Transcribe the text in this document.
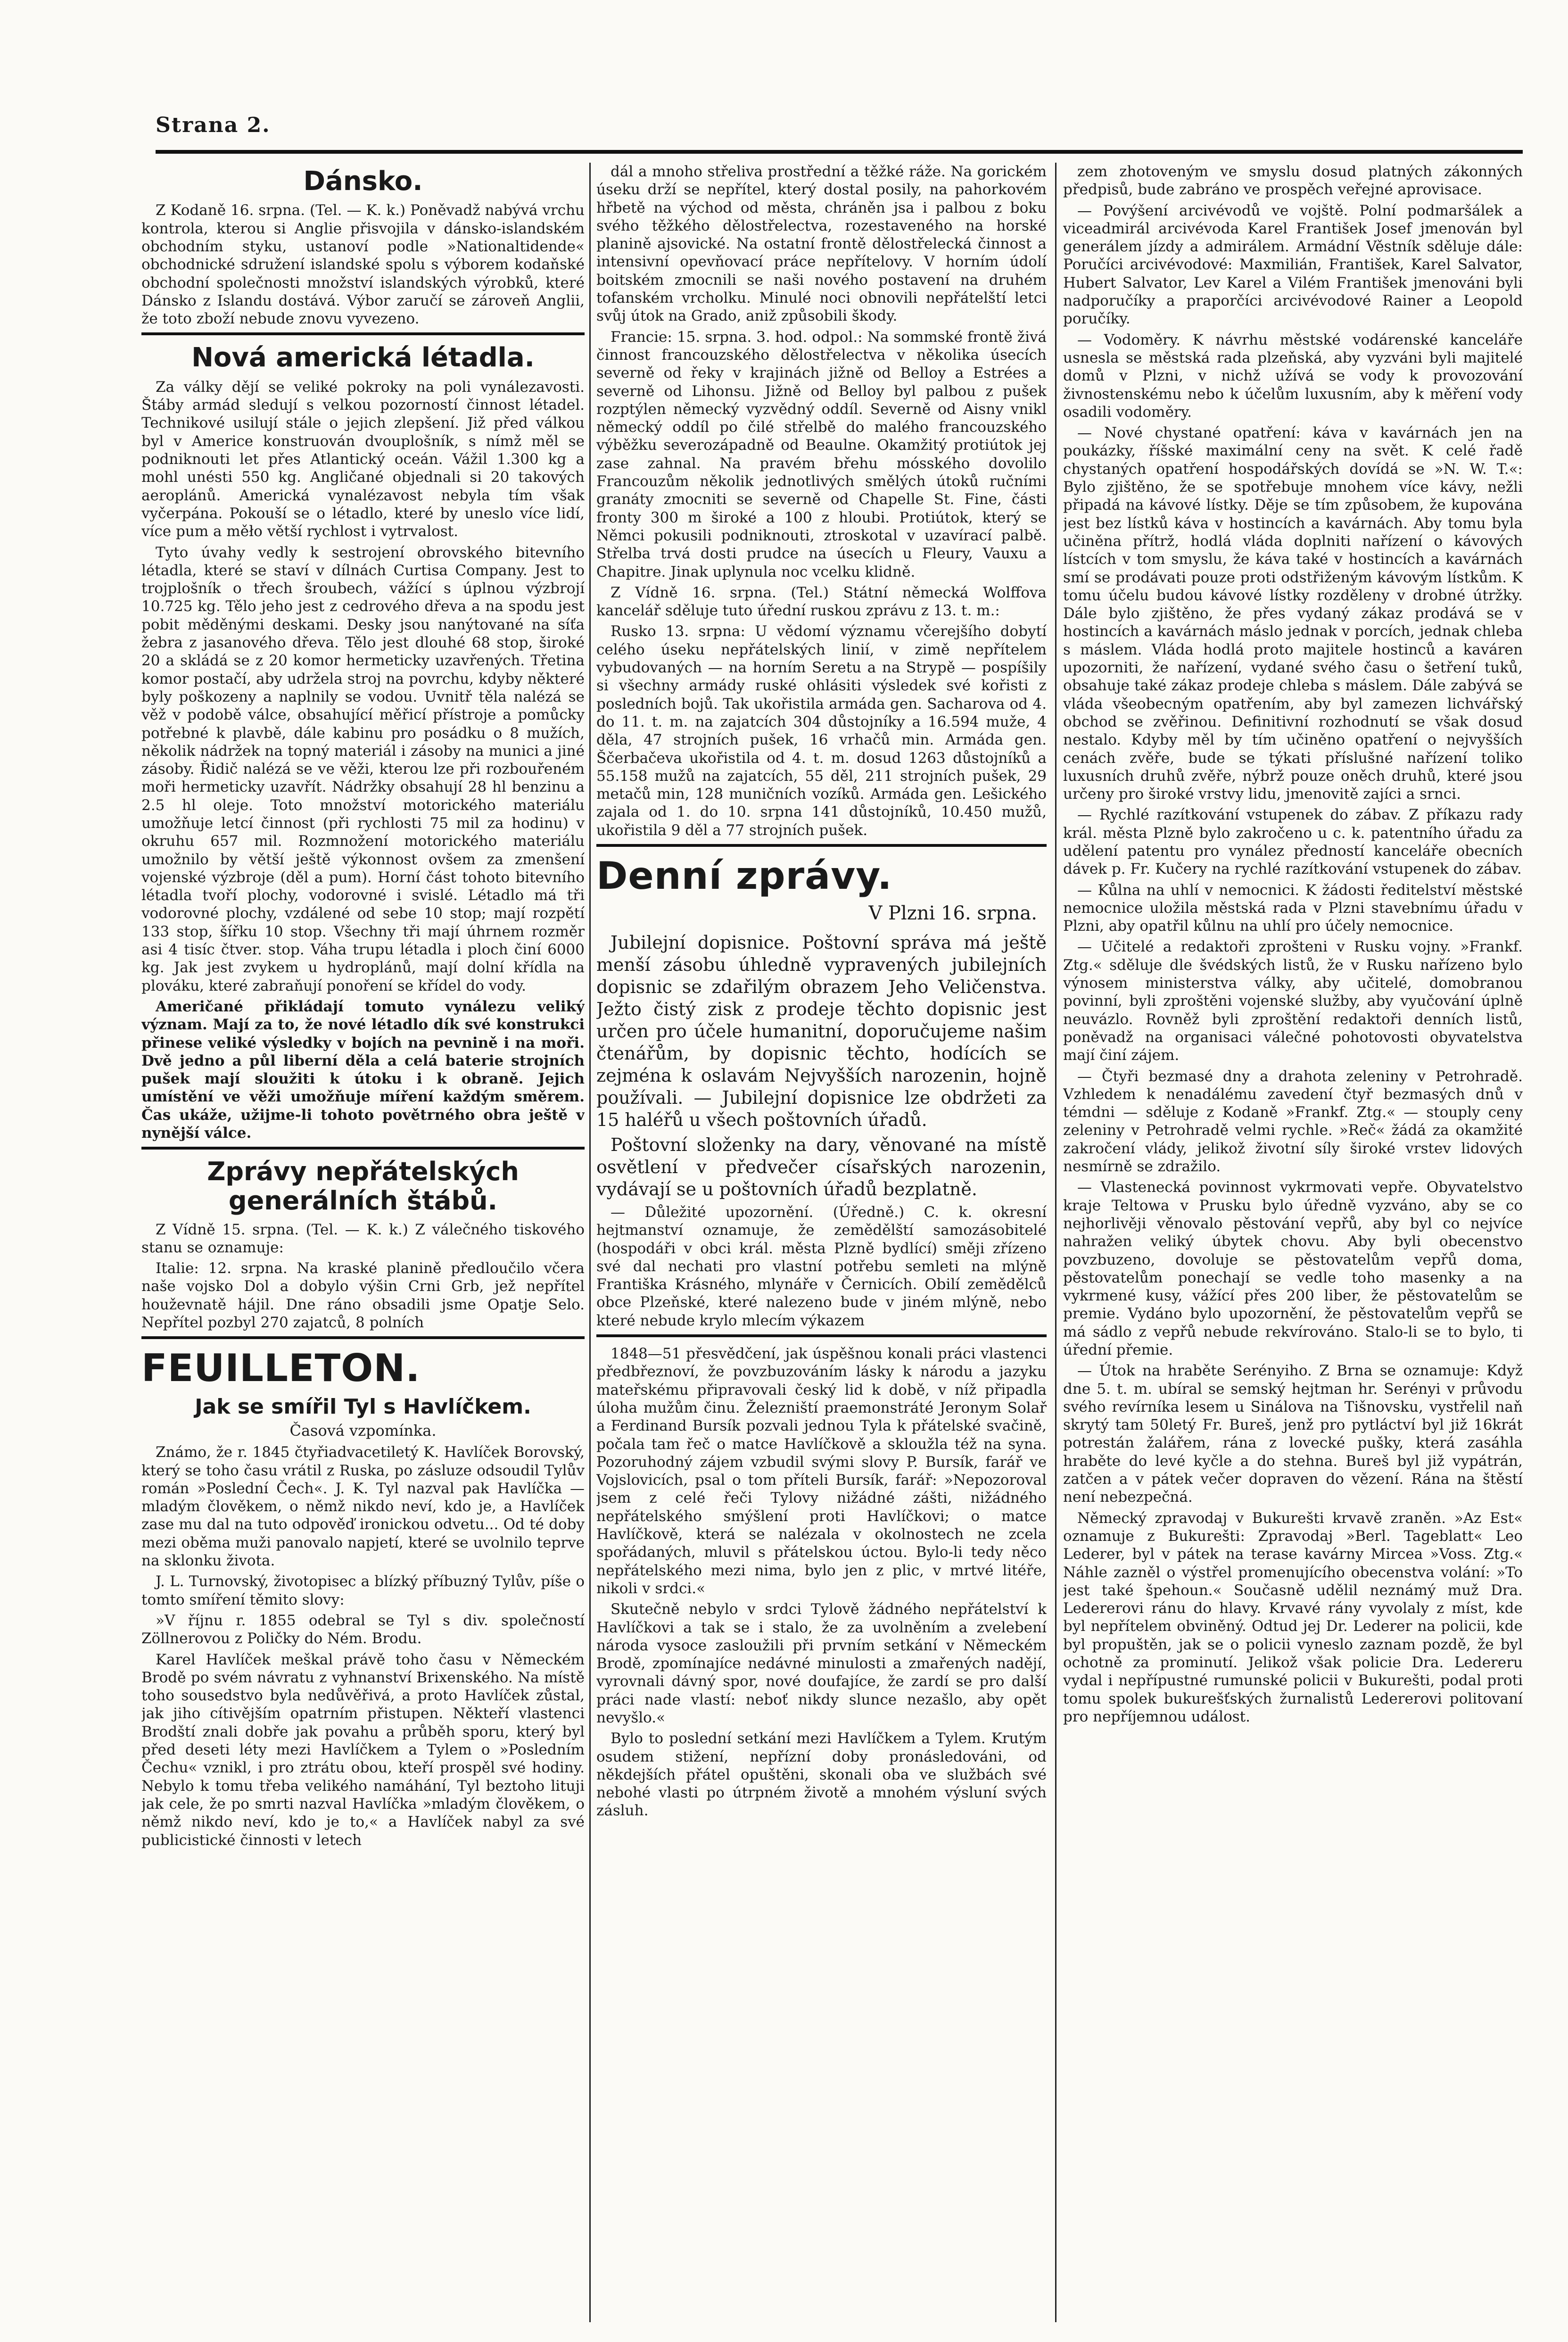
Strana 2.
Dánsko.

Z Kodaně 16. srpna. (Tel. — K. k.) Poněvadž nabývá vrchu kontrola, kterou si Anglie přisvojila v dánsko-islandském obchodním styku, ustanoví podle »Nationaltidende« obchodnické sdružení islandské spolu s výborem kodaňské obchodní společnosti množství islandských výrobků, které Dánsko z Islandu dostává. Výbor zaručí se zároveň Anglii, že toto zboží nebude znovu vyvezeno.

Nová americká létadla.

Za války dějí se veliké pokroky na poli vynálezavosti. Štáby armád sledují s velkou pozorností činnost létadel. Technikové usilují stále o jejich zlepšení. Již před válkou byl v Americe konstruován dvouplošník, s nímž měl se podniknouti let přes Atlantický oceán. Vážil 1.300 kg a mohl unésti 550 kg. Angličané objednali si 20 takových aeroplánů. Americká vynalézavost nebyla tím však vyčerpána. Pokouší se o létadlo, které by uneslo více lidí, více pum a měło větší rychlost i vytrvalost.

Tyto úvahy vedly k sestrojení obrovského bitevního létadla, které se staví v dílnách Curtisa Company. Jest to trojplošník o třech šroubech, vážící s úplnou výzbrojí 10.725 kg. Tělo jeho jest z cedrového dřeva a na spodu jest pobit měděnými deskami. Desky jsou nanýtované na síťa žebra z jasanového dřeva. Tělo jest dlouhé 68 stop, široké 20 a skládá se z 20 komor hermeticky uzavřených. Třetina komor postačí, aby udržela stroj na povrchu, kdyby některé byly poškozeny a naplnily se vodou. Uvnitř těla nalézá se věž v podobě válce, obsahující měřicí přístroje a pomůcky potřebné k plavbě, dále kabinu pro posádku o 8 mužích, několik nádržek na topný materiál i zásoby na munici a jiné zásoby. Řidič nalézá se ve věži, kterou lze při rozbouřeném moři hermeticky uzavřít. Nádržky obsahují 28 hl benzinu a 2.5 hl oleje. Toto množství motorického materiálu umožňuje letcí činnost (při rychlosti 75 mil za hodinu) v okruhu 657 mil. Rozmnožení motorického materiálu umožnilo by větší ještě výkonnost ovšem za zmenšení vojenské výzbroje (děl a pum). Horní část tohoto bitevního létadla tvoří plochy, vodorovné i svislé. Létadlo má tři vodorovné plochy, vzdálené od sebe 10 stop; mají rozpětí 133 stop, šířku 10 stop. Všechny tři mají úhrnem rozměr asi 4 tisíc čtver. stop. Váha trupu létadla i ploch činí 6000 kg. Jak jest zvykem u hydroplánů, mají dolní křídla na plováku, které zabraňují ponoření se křídel do vody.

Američané přikládají tomuto vynálezu veliký význam. Mají za to, že nové létadlo dík své konstrukci přinese veliké výsledky v bojích na pevnině i na moři. Dvě jedno a půl liberní děla a celá baterie strojních pušek mají sloužiti k útoku i k obraně. Jejich umístění ve věži umožňuje míření každým směrem. Čas ukáže, užijme-li tohoto povětrného obra ještě v nynější válce.

Zprávy nepřátelských generálních štábů.

Z Vídně 15. srpna. (Tel. — K. k.) Z válečného tiskového stanu se oznamuje:

Italie: 12. srpna. Na kraské planině předloučilo včera naše vojsko Dol a dobylo výšin Crni Grb, jež nepřítel houževnatě hájil. Dne ráno obsadili jsme Opatje Selo. Nepřítel pozbyl 270 zajatců, 8 polních

FEUILLETON.
Jak se smířil Tyl s Havlíčkem.
Časová vzpomínka.

Známo, že r. 1845 čtyřiadvacetiletý K. Havlíček Borovský, který se toho času vrátil z Ruska, po zásluze odsoudil Tylův román »Poslední Čech«. J. K. Tyl nazval pak Havlíčka — mladým člověkem, o němž nikdo neví, kdo je, a Havlíček zase mu dal na tuto odpověď ironickou odvetu... Od té doby mezi oběma muži panovalo napjetí, které se uvolnilo teprve na sklonku života.

J. L. Turnovský, životopisec a blízký příbuzný Tylův, píše o tomto smíření těmito slovy:

»V říjnu r. 1855 odebral se Tyl s div. společností Zöllnerovou z Poličky do Ném. Brodu.

Karel Havlíček meškal právě toho času v Německém Brodě po svém návratu z vyhnanství Brixenského. Na místě toho sousedstvo byla nedůvěřivá, a proto Havlíček zůstal, jak jiho cítivějším opatrním přistupen. Někteří vlastenci Brodští znali dobře jak povahu a průběh sporu, který byl před deseti léty mezi Havlíčkem a Tylem o »Posledním Čechu« vznikl, i pro ztrátu obou, kteří prospěl své hodiny. Nebylo k tomu třeba velikého namáhání, Tyl beztoho lituji jak cele, že po smrti nazval Havlíčka »mladým člověkem, o němž nikdo neví, kdo je to,« a Havlíček nabyl za své publicistické činnosti v letech

dál a mnoho střeliva prostřední a těžké ráže. Na gorickém úseku drží se nepřítel, který dostal posily, na pahorkovém hřbetě na východ od města, chráněn jsa i palbou z boku svého těžkého dělostřelectva, rozestaveného na horské planině ajsovické. Na ostatní frontě dělostřelecká činnost a intensivní opevňovací práce nepřítelovy. V horním údolí boitském zmocnili se naši nového postavení na druhém tofanském vrcholku. Minulé noci obnovili nepřátelští letci svůj útok na Grado, aniž způsobili škody.

Francie: 15. srpna. 3. hod. odpol.: Na sommské frontě živá činnost francouzského dělostřelectva v několika úsecích severně od řeky v krajinách jižně od Belloy a Estrées a severně od Lihonsu. Jižně od Belloy byl palbou z pušek rozptýlen německý vyzvědný oddíl. Severně od Aisny vnikl německý oddíl po čilé střelbě do malého francouzského výběžku severozápadně od Beaulne. Okamžitý protiútok jej zase zahnal. Na pravém břehu mósského dovolilo Francouzům několik jednotlivých smělých útoků ručními granáty zmocniti se severně od Chapelle St. Fine, části fronty 300 m široké a 100 z hloubi. Protiútok, který se Němci pokusili podniknouti, ztroskotal v uzavírací palbě. Střelba trvá dosti prudce na úsecích u Fleury, Vauxu a Chapitre. Jinak uplynula noc vcelku klidně.

Z Vídně 16. srpna. (Tel.) Státní německá Wolffova kancelář sděluje tuto úřední ruskou zprávu z 13. t. m.:

Rusko 13. srpna: U vědomí významu včerejšího dobytí celého úseku nepřátelských linií, v zimě nepřítelem vybudovaných — na horním Seretu a na Strypě — pospíšily si všechny armády ruské ohlásiti výsledek své kořisti z posledních bojů. Tak ukořistila armáda gen. Sacharova od 4. do 11. t. m. na zajatcích 304 důstojníky a 16.594 muže, 4 děla, 47 strojních pušek, 16 vrhačů min. Armáda gen. Ščerbačeva ukořistila od 4. t. m. dosud 1263 důstojníků a 55.158 mužů na zajatcích, 55 děl, 211 strojních pušek, 29 metačů min, 128 muničních vozíků. Armáda gen. Lešického zajala od 1. do 10. srpna 141 důstojníků, 10.450 mužů, ukořistila 9 děl a 77 strojních pušek.

Denní zprávy.
V Plzni 16. srpna.

Jubilejní dopisnice. Poštovní správa má ještě menší zásobu úhledně vypravených jubilejních dopisnic se zdařilým obrazem Jeho Veličenstva. Ježto čistý zisk z prodeje těchto dopisnic jest určen pro účele humanitní, doporučujeme našim čtenářům, by dopisnic těchto, hodících se zejména k oslavám Nejvyšších narozenin, hojně používali. — Jubilejní dopisnice lze obdržeti za 15 haléřů u všech poštovních úřadů.

Poštovní složenky na dary, věnované na místě osvětlení v předvečer císařských narozenin, vydávají se u poštovních úřadů bezplatně.

— Důležité upozornění. (Úředně.) C. k. okresní hejtmanství oznamuje, že zemědělští samozásobitelé (hospodáři v obci král. města Plzně bydlící) směji zřízeno své dal nechati pro vlastní potřebu semleti na mlýně Františka Krásného, mlynáře v Černicích. Obilí zemědělců obce Plzeňské, které nalezeno bude v jiném mlýně, nebo které nebude krylo mlecím výkazem

1848—51 přesvědčení, jak úspěšnou konali práci vlastenci předbřeznoví, že povzbuzováním lásky k národu a jazyku mateřskému připravovali český lid k době, v níž připadla úloha mužům činu. Železniští praemonstráté Jeronym Solař a Ferdinand Bursík pozvali jednou Tyla k přátelské svačině, počala tam řeč o matce Havlíčkově a skloužla též na syna. Pozoruhodný zájem vzbudil svými slovy P. Bursík, farář ve Vojslovicích, psal o tom příteli Bursík, farář: »Nepozoroval jsem z celé řeči Tylovy nižádné zášti, nižádného nepřátelského smýšlení proti Havlíčkovi; o matce Havlíčkově, která se nalézala v okolnostech ne zcela spořádaných, mluvil s přátelskou úctou. Bylo-li tedy něco nepřátelského mezi nima, bylo jen z plic, v mrtvé litéře, nikoli v srdci.«

Skutečně nebylo v srdci Tylově žádného nepřátelství k Havlíčkovi a tak se i stalo, že za uvolněním a zvelebení národa vysoce zasloužili při prvním setkání v Německém Brodě, zpomínajíce nedávné minulosti a zmařených nadějí, vyrovnali dávný spor, nové doufajíce, že zardí se pro další práci nade vlastí: neboť nikdy slunce nezašlo, aby opět nevyšlo.«

Bylo to poslední setkání mezi Havlíčkem a Tylem. Krutým osudem stižení, nepřízní doby pronásledováni, od někdejších přátel opuštěni, skonali oba ve službách své nebohé vlasti po útrpném životě a mnohém výsluní svých zásluh.

zem zhotoveným ve smyslu dosud platných zákonných předpisů, bude zabráno ve prospěch veřejné aprovisace.

— Povýšení arcivévodů ve vojště. Polní podmaršálek a viceadmirál arcivévoda Karel František Josef jmenován byl generálem jízdy a admirálem. Armádní Věstník sděluje dále: Poručíci arcivévodové: Maxmilián, František, Karel Salvator, Hubert Salvator, Lev Karel a Vilém František jmenováni byli nadporučíky a praporčíci arcivévodové Rainer a Leopold poručíky.

— Vodoměry. K návrhu městské vodárenské kanceláře usnesla se městská rada plzeňská, aby vyzváni byli majitelé domů v Plzni, v nichž užívá se vody k provozování živnostenskému nebo k účelům luxusním, aby k měření vody osadili vodoměry.

— Nové chystané opatření: káva v kavárnách jen na poukázky, říšské maximální ceny na svět. K celé řadě chystaných opatření hospodářských dovídá se »N. W. T.«: Bylo zjištěno, že se spotřebuje mnohem více kávy, nežli připadá na kávové lístky. Děje se tím způsobem, že kupována jest bez lístků káva v hostincích a kavárnách. Aby tomu byla učiněna přítrž, hodlá vláda doplniti nařízení o kávových lístcích v tom smyslu, že káva také v hostincích a kavárnách smí se prodávati pouze proti odstřiženým kávovým lístkům. K tomu účelu budou kávové lístky rozděleny v drobné útržky. Dále bylo zjištěno, že přes vydaný zákaz prodává se v hostincích a kavárnách máslo jednak v porcích, jednak chleba s máslem. Vláda hodlá proto majitele hostinců a kaváren upozorniti, že nařízení, vydané svého času o šetření tuků, obsahuje také zákaz prodeje chleba s máslem. Dále zabývá se vláda všeobecným opatřením, aby byl zamezen lichvářský obchod se zvěřinou. Definitivní rozhodnutí se však dosud nestalo. Kdyby měl by tím učiněno opatření o nejvyšších cenách zvěře, bude se týkati příslušné nařízení toliko luxusních druhů zvěře, nýbrž pouze oněch druhů, které jsou určeny pro široké vrstvy lidu, jmenovitě zajíci a srnci.

— Rychlé razítkování vstupenek do zábav. Z příkazu rady král. města Plzně bylo zakročeno u c. k. patentního úřadu za udělení patentu pro vynález předností kanceláře obecních dávek p. Fr. Kučery na rychlé razítkování vstupenek do zábav.

— Kůlna na uhlí v nemocnici. K žádosti ředitelství městské nemocnice uložila městská rada v Plzni stavebnímu úřadu v Plzni, aby opatřil kůlnu na uhlí pro účely nemocnice.

— Učitelé a redaktoři zprošteni v Rusku vojny. »Frankf. Ztg.« sděluje dle švédských listů, že v Rusku nařízeno bylo výnosem ministerstva války, aby učitelé, domobranou povinní, byli zproštěni vojenské služby, aby vyučování úplně neuvázlo. Rovněž byli zproštění redaktoři denních listů, poněvadž na organisaci válečné pohotovosti obyvatelstva mají činí zájem.

— Čtyři bezmasé dny a drahota zeleniny v Petrohradě. Vzhledem k nenadálému zavedení čtyř bezmasých dnů v témdni — sděluje z Kodaně »Frankf. Ztg.« — stouply ceny zeleniny v Petrohradě velmi rychle. »Reč« žádá za okamžité zakročení vlády, jelikož životní síly široké vrstev lidových nesmírně se zdražilo.

— Vlastenecká povinnost vykrmovati vepře. Obyvatelstvo kraje Teltowa v Prusku bylo úředně vyzváno, aby se co nejhorlivěji věnovalo pěstování vepřů, aby byl co nejvíce nahražen veliký úbytek chovu. Aby byli obecenstvo povzbuzeno, dovoluje se pěstovatelům vepřů doma, pěstovatelům ponechají se vedle toho masenky a na vykrmené kusy, vážící přes 200 liber, že pěstovatelům se premie. Vydáno bylo upozornění, že pěstovatelům vepřů se má sádlo z vepřů nebude rekvírováno. Stalo-li se to bylo, ti úřední přemie.

— Útok na hraběte Serényiho. Z Brna se oznamuje: Když dne 5. t. m. ubíral se semský hejtman hr. Serényi v průvodu svého revírníka lesem u Sinálova na Tišnovsku, vystřelil naň skrytý tam 50letý Fr. Bureš, jenž pro pytláctví byl již 16krát potrestán žalářem, rána z lovecké pušky, která zasáhla hraběte do levé kyčle a do stehna. Bureš byl již vypátrán, zatčen a v pátek večer dopraven do vězení. Rána na štěstí není nebezpečná.

Německý zpravodaj v Bukurešti krvavě zraněn. »Az Est« oznamuje z Bukurešti: Zpravodaj »Berl. Tageblatt« Leo Lederer, byl v pátek na terase kavárny Mircea »Voss. Ztg.« Náhle zazněl o výstřel promenujícího obecenstva volání: »To jest také špehoun.« Současně udělil neznámý muž Dra. Ledererovi ránu do hlavy. Krvavé rány vyvolaly z míst, kde byl nepřítelem obviněný. Odtud jej Dr. Lederer na policii, kde byl propuštěn, jak se o policii vyneslo zaznam pozdě, že byl ochotně za prominutí. Jelikož však policie Dra. Ledereru vydal i nepřípustné rumunské policii v Bukurešti, podal proti tomu spolek bukurešťských žurnalistů Ledererovi politovaní pro nepříjemnou událost.
